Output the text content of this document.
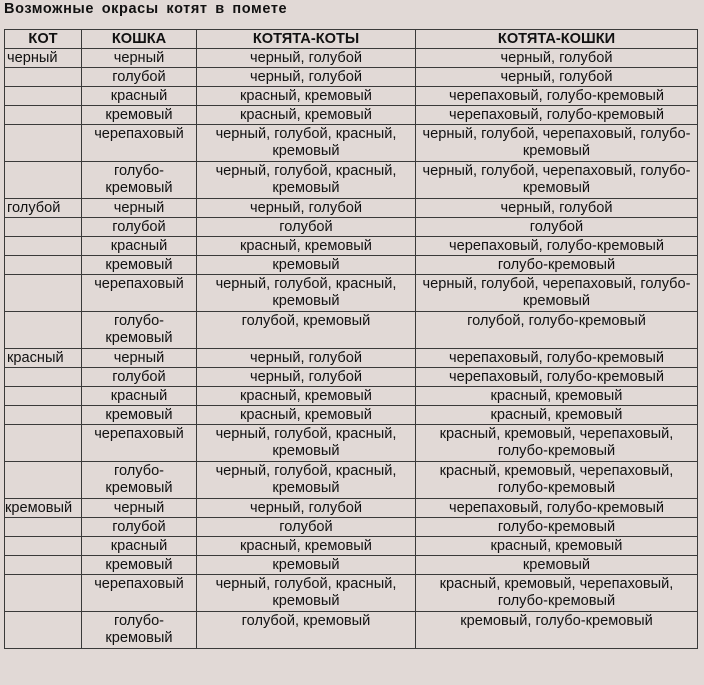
Возможные окрасы котят в помете
КОТ	КОШКА	КОТЯТА-КОТЫ	КОТЯТА-КОШКИ
черный	черный	черный, голубой	черный, голубой
	голубой	черный, голубой	черный, голубой
	красный	красный, кремовый	черепаховый, голубо-кремовый
	кремовый	красный, кремовый	черепаховый, голубо-кремовый
	черепаховый	черный, голубой, красный, кремовый	черный, голубой, черепаховый, голубо-кремовый
	голубо-кремовый	черный, голубой, красный, кремовый	черный, голубой, черепаховый, голубо-кремовый
голубой	черный	черный, голубой	черный, голубой
	голубой	голубой	голубой
	красный	красный, кремовый	черепаховый, голубо-кремовый
	кремовый	кремовый	голубо-кремовый
	черепаховый	черный, голубой, красный, кремовый	черный, голубой, черепаховый, голубо-кремовый
	голубо-кремовый	голубой, кремовый	голубой, голубо-кремовый
красный	черный	черный, голубой	черепаховый, голубо-кремовый
	голубой	черный, голубой	черепаховый, голубо-кремовый
	красный	красный, кремовый	красный, кремовый
	кремовый	красный, кремовый	красный, кремовый
	черепаховый	черный, голубой, красный, кремовый	красный, кремовый, черепаховый, голубо-кремовый
	голубо-кремовый	черный, голубой, красный, кремовый	красный, кремовый, черепаховый, голубо-кремовый
кремовый	черный	черный, голубой	черепаховый, голубо-кремовый
	голубой	голубой	голубо-кремовый
	красный	красный, кремовый	красный, кремовый
	кремовый	кремовый	кремовый
	черепаховый	черный, голубой, красный, кремовый	красный, кремовый, черепаховый, голубо-кремовый
	голубо-кремовый	голубой, кремовый	кремовый, голубо-кремовый
